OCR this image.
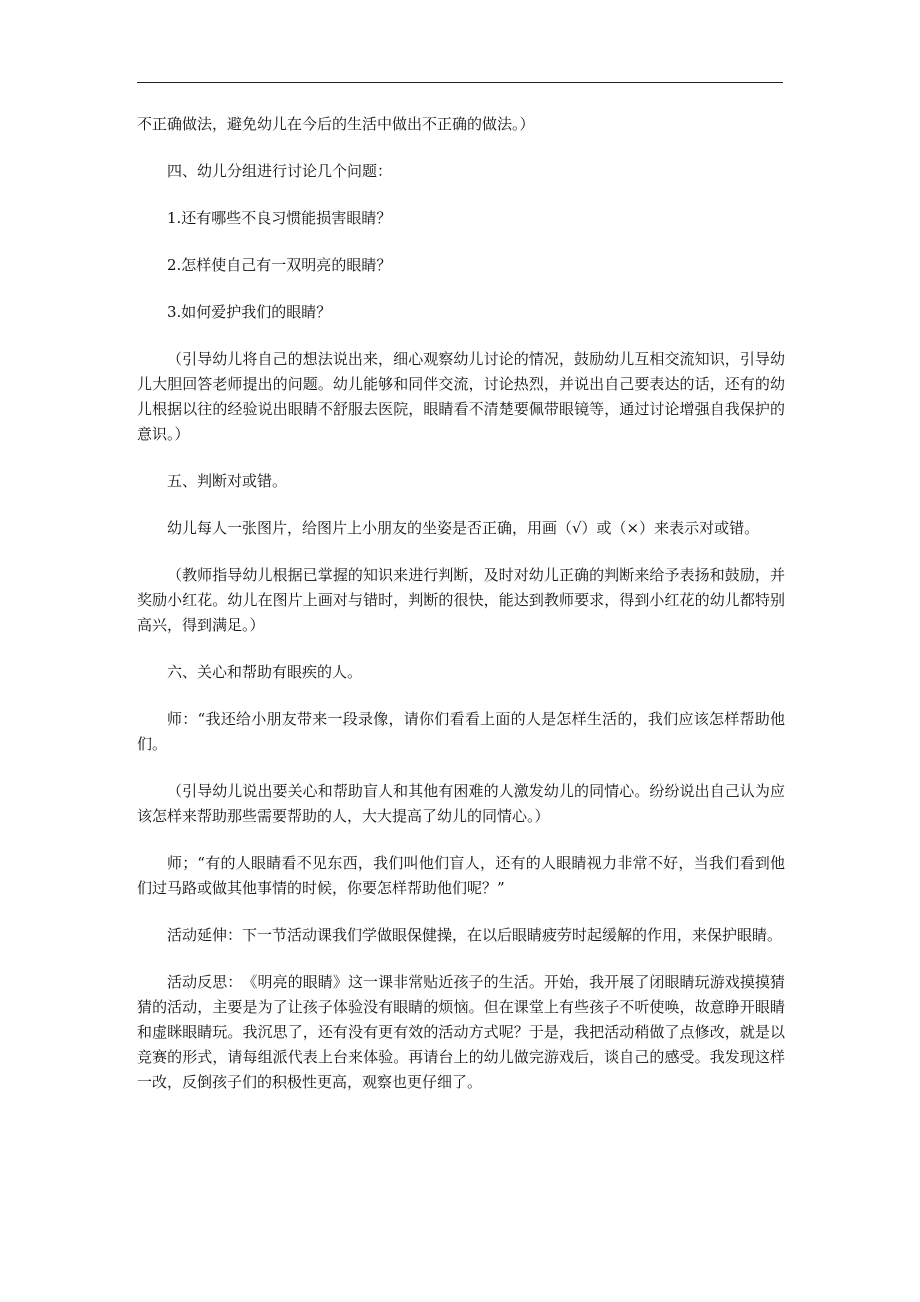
不正确做法，避免幼儿在今后的生活中做出不正确的做法。）

四、幼儿分组进行讨论几个问题：

1.还有哪些不良习惯能损害眼睛？

2.怎样使自己有一双明亮的眼睛？

3.如何爱护我们的眼睛？

（引导幼儿将自己的想法说出来，细心观察幼儿讨论的情况，鼓励幼儿互相交流知识，引导幼儿大胆回答老师提出的问题。幼儿能够和同伴交流，讨论热烈，并说出自己要表达的话，还有的幼儿根据以往的经验说出眼睛不舒服去医院，眼睛看不清楚要佩带眼镜等，通过讨论增强自我保护的意识。）

五、判断对或错。

幼儿每人一张图片，给图片上小朋友的坐姿是否正确，用画（√）或（×）来表示对或错。

（教师指导幼儿根据已掌握的知识来进行判断，及时对幼儿正确的判断来给予表扬和鼓励，并奖励小红花。幼儿在图片上画对与错时，判断的很快，能达到教师要求，得到小红花的幼儿都特别高兴，得到满足。）

六、关心和帮助有眼疾的人。

师：“我还给小朋友带来一段录像，请你们看看上面的人是怎样生活的，我们应该怎样帮助他们。

（引导幼儿说出要关心和帮助盲人和其他有困难的人激发幼儿的同情心。纷纷说出自己认为应该怎样来帮助那些需要帮助的人，大大提高了幼儿的同情心。）

师；“有的人眼睛看不见东西，我们叫他们盲人，还有的人眼睛视力非常不好，当我们看到他们过马路或做其他事情的时候，你要怎样帮助他们呢？”

活动延伸：下一节活动课我们学做眼保健操，在以后眼睛疲劳时起缓解的作用，来保护眼睛。

活动反思：　《明亮的眼睛》这一课非常贴近孩子的生活。开始，我开展了闭眼睛玩游戏摸摸猜猜的活动，主要是为了让孩子体验没有眼睛的烦恼。但在课堂上有些孩子不听使唤，故意睁开眼睛和虚眯眼睛玩。我沉思了，还有没有更有效的活动方式呢？于是，我把活动稍做了点修改，就是以竞赛的形式，请每组派代表上台来体验。再请台上的幼儿做完游戏后，谈自己的感受。我发现这样一改，反倒孩子们的积极性更高，观察也更仔细了。
